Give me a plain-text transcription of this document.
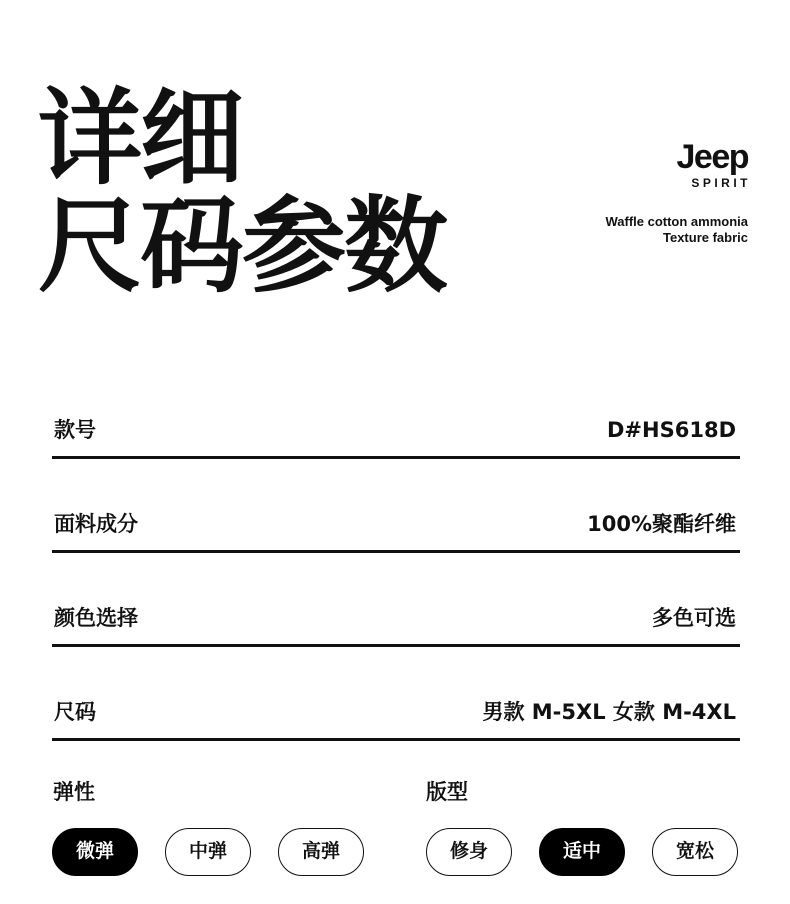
详细
尺码参数
Jeep
SPIRIT
Waffle cotton ammonia
Texture fabric
款号	D#HS618D
面料成分	100%聚酯纤维
颜色选择	多色可选
尺码	男款 M-5XL 女款 M-4XL
弹性	版型
微弹	中弹	高弹	修身	适中	宽松
